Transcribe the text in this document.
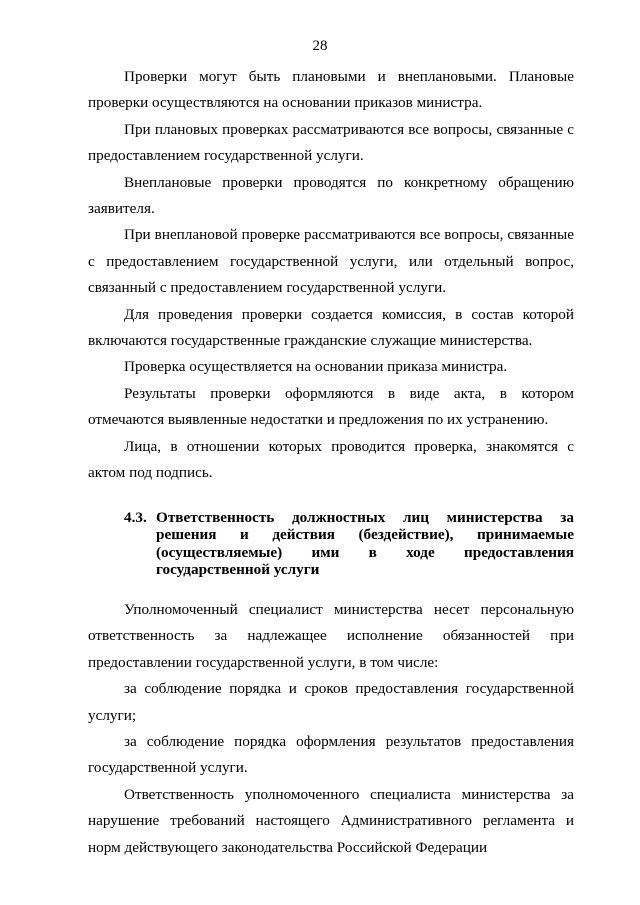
28

Проверки могут быть плановыми и внеплановыми. Плановые проверки осуществляются на основании приказов министра.

При плановых проверках рассматриваются все вопросы, связанные с предоставлением государственной услуги.

Внеплановые проверки проводятся по конкретному обращению заявителя.

При внеплановой проверке рассматриваются все вопросы, связанные с предоставлением государственной услуги, или отдельный вопрос, связанный с предоставлением государственной услуги.

Для проведения проверки создается комиссия, в состав которой включаются государственные гражданские служащие министерства.

Проверка осуществляется на основании приказа министра.

Результаты проверки оформляются в виде акта, в котором отмечаются выявленные недостатки и предложения по их устранению.

Лица, в отношении которых проводится проверка, знакомятся с актом под подпись.

4.3. Ответственность должностных лиц министерства за решения и действия (бездействие), принимаемые (осуществляемые) ими в ходе предоставления государственной услуги

Уполномоченный специалист министерства несет персональную ответственность за надлежащее исполнение обязанностей при предоставлении государственной услуги, в том числе:

за соблюдение порядка и сроков предоставления государственной услуги;

за соблюдение порядка оформления результатов предоставления государственной услуги.

Ответственность уполномоченного специалиста министерства за нарушение требований настоящего Административного регламента и норм действующего законодательства Российской Федерации
